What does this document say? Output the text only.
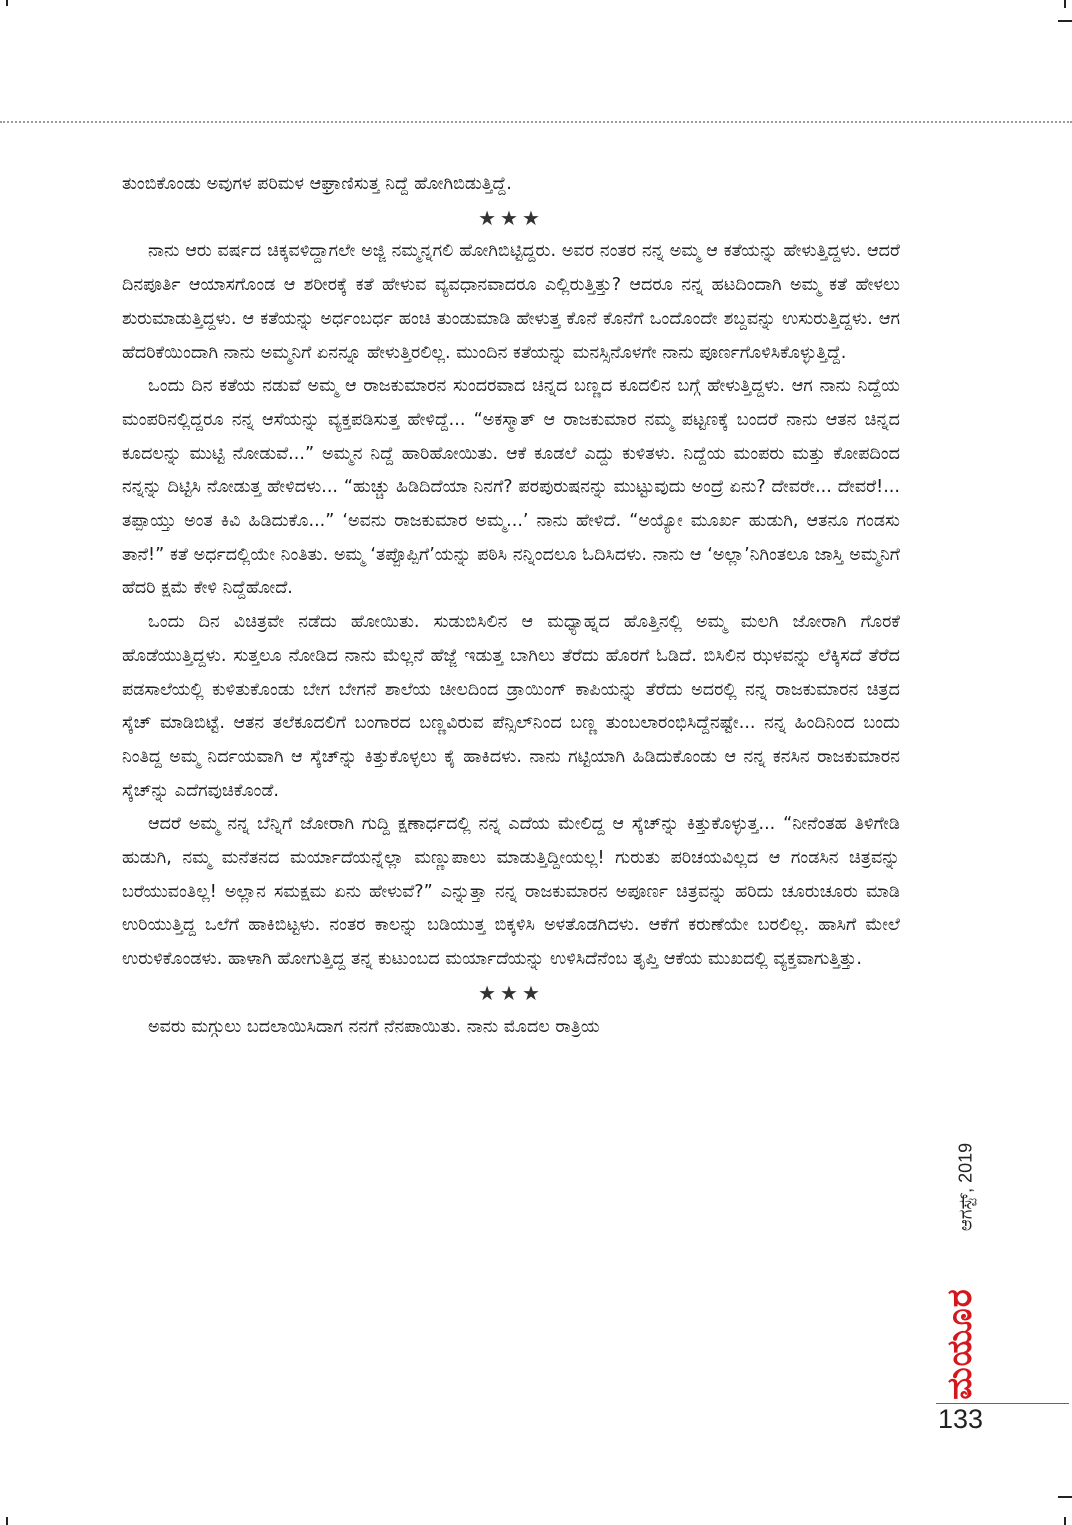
ತುಂಬಿಕೊಂಡು ಅವುಗಳ ಪರಿಮಳ ಆಘ್ರಾಣಿಸುತ್ತ ನಿದ್ದೆ ಹೋಗಿಬಿಡುತ್ತಿದ್ದೆ.

★★★

ನಾನು ಆರು ವರ್ಷದ ಚಿಕ್ಕವಳಿದ್ದಾಗಲೇ ಅಜ್ಜಿ ನಮ್ಮನ್ನಗಲಿ ಹೋಗಿಬಿಟ್ಟಿದ್ದರು. ಅವರ ನಂತರ ನನ್ನ ಅಮ್ಮ ಆ ಕತೆಯನ್ನು ಹೇಳುತ್ತಿದ್ದಳು. ಆದರೆ ದಿನಪೂರ್ತಿ ಆಯಾಸಗೊಂಡ ಆ ಶರೀರಕ್ಕೆ ಕತೆ ಹೇಳುವ ವ್ಯವಧಾನವಾದರೂ ಎಲ್ಲಿರುತ್ತಿತ್ತು? ಆದರೂ ನನ್ನ ಹಟದಿಂದಾಗಿ ಅಮ್ಮ ಕತೆ ಹೇಳಲು ಶುರುಮಾಡುತ್ತಿದ್ದಳು. ಆ ಕತೆಯನ್ನು ಅರ್ಧಂಬರ್ಧ ಹಂಚಿ ತುಂಡುಮಾಡಿ ಹೇಳುತ್ತ ಕೊನೆ ಕೊನೆಗೆ ಒಂದೊಂದೇ ಶಬ್ದವನ್ನು ಉಸುರುತ್ತಿದ್ದಳು. ಆಗ ಹೆದರಿಕೆಯಿಂದಾಗಿ ನಾನು ಅಮ್ಮನಿಗೆ ಏನನ್ನೂ ಹೇಳುತ್ತಿರಲಿಲ್ಲ. ಮುಂದಿನ ಕತೆಯನ್ನು ಮನಸ್ಸಿನೊಳಗೇ ನಾನು ಪೂರ್ಣಗೊಳಿಸಿಕೊಳ್ಳುತ್ತಿದ್ದೆ.

ಒಂದು ದಿನ ಕತೆಯ ನಡುವೆ ಅಮ್ಮ ಆ ರಾಜಕುಮಾರನ ಸುಂದರವಾದ ಚಿನ್ನದ ಬಣ್ಣದ ಕೂದಲಿನ ಬಗ್ಗೆ ಹೇಳುತ್ತಿದ್ದಳು. ಆಗ ನಾನು ನಿದ್ದೆಯ ಮಂಪರಿನಲ್ಲಿದ್ದರೂ ನನ್ನ ಆಸೆಯನ್ನು ವ್ಯಕ್ತಪಡಿಸುತ್ತ ಹೇಳಿದ್ದೆ... “ಅಕಸ್ಮಾತ್ ಆ ರಾಜಕುಮಾರ ನಮ್ಮ ಪಟ್ಟಣಕ್ಕೆ ಬಂದರೆ ನಾನು ಆತನ ಚಿನ್ನದ ಕೂದಲನ್ನು ಮುಟ್ಟಿ ನೋಡುವೆ...” ಅಮ್ಮನ ನಿದ್ದೆ ಹಾರಿಹೋಯಿತು. ಆಕೆ ಕೂಡಲೆ ಎದ್ದು ಕುಳಿತಳು. ನಿದ್ದೆಯ ಮಂಪರು ಮತ್ತು ಕೋಪದಿಂದ ನನ್ನನ್ನು ದಿಟ್ಟಿಸಿ ನೋಡುತ್ತ ಹೇಳಿದಳು... “ಹುಚ್ಚು ಹಿಡಿದಿದೆಯಾ ನಿನಗೆ? ಪರಪುರುಷನನ್ನು ಮುಟ್ಟುವುದು ಅಂದ್ರೆ ಏನು? ದೇವರೇ... ದೇವರೆ!... ತಪ್ಪಾಯ್ತು ಅಂತ ಕಿವಿ ಹಿಡಿದುಕೊ...” ‘ಅವನು ರಾಜಕುಮಾರ ಅಮ್ಮ...’ ನಾನು ಹೇಳಿದೆ. “ಅಯ್ಯೋ ಮೂರ್ಖ ಹುಡುಗಿ, ಆತನೂ ಗಂಡಸು ತಾನೆ!” ಕತೆ ಅರ್ಧದಲ್ಲಿಯೇ ನಿಂತಿತು. ಅಮ್ಮ ‘ತಪ್ಪೊಪ್ಪಿಗೆ’ಯನ್ನು ಪಠಿಸಿ ನನ್ನಿಂದಲೂ ಓದಿಸಿದಳು. ನಾನು ಆ ‘ಅಲ್ಲಾ’ನಿಗಿಂತಲೂ ಜಾಸ್ತಿ ಅಮ್ಮನಿಗೆ ಹೆದರಿ ಕ್ಷಮೆ ಕೇಳಿ ನಿದ್ದೆಹೋದೆ.

ಒಂದು ದಿನ ವಿಚಿತ್ರವೇ ನಡೆದು ಹೋಯಿತು. ಸುಡುಬಿಸಿಲಿನ ಆ ಮಧ್ಯಾಹ್ನದ ಹೊತ್ತಿನಲ್ಲಿ ಅಮ್ಮ ಮಲಗಿ ಜೋರಾಗಿ ಗೊರಕೆ ಹೊಡೆಯುತ್ತಿದ್ದಳು. ಸುತ್ತಲೂ ನೋಡಿದ ನಾನು ಮೆಲ್ಲನೆ ಹೆಜ್ಜೆ ಇಡುತ್ತ ಬಾಗಿಲು ತೆರೆದು ಹೊರಗೆ ಓಡಿದೆ. ಬಿಸಿಲಿನ ಝಳವನ್ನು ಲೆಕ್ಕಿಸದೆ ತೆರೆದ ಪಡಸಾಲೆಯಲ್ಲಿ ಕುಳಿತುಕೊಂಡು ಬೇಗ ಬೇಗನೆ ಶಾಲೆಯ ಚೀಲದಿಂದ ಡ್ರಾಯಿಂಗ್ ಕಾಪಿಯನ್ನು ತೆರೆದು ಅದರಲ್ಲಿ ನನ್ನ ರಾಜಕುಮಾರನ ಚಿತ್ರದ ಸ್ಕೆಚ್ ಮಾಡಿಬಿಟ್ಟೆ. ಆತನ ತಲೆಕೂದಲಿಗೆ ಬಂಗಾರದ ಬಣ್ಣವಿರುವ ಪೆನ್ಸಿಲ್‌ನಿಂದ ಬಣ್ಣ ತುಂಬಲಾರಂಭಿಸಿದ್ದೆನಷ್ಟೇ... ನನ್ನ ಹಿಂದಿನಿಂದ ಬಂದು ನಿಂತಿದ್ದ ಅಮ್ಮ ನಿರ್ದಯವಾಗಿ ಆ ಸ್ಕೆಚ್‌ನ್ನು ಕಿತ್ತುಕೊಳ್ಳಲು ಕೈ ಹಾಕಿದಳು. ನಾನು ಗಟ್ಟಿಯಾಗಿ ಹಿಡಿದುಕೊಂಡು ಆ ನನ್ನ ಕನಸಿನ ರಾಜಕುಮಾರನ ಸ್ಕೆಚ್‌ನ್ನು ಎದೆಗವುಚಿಕೊಂಡೆ.

ಆದರೆ ಅಮ್ಮ ನನ್ನ ಬೆನ್ನಿಗೆ ಜೋರಾಗಿ ಗುದ್ದಿ ಕ್ಷಣಾರ್ಧದಲ್ಲಿ ನನ್ನ ಎದೆಯ ಮೇಲಿದ್ದ ಆ ಸ್ಕೆಚ್‌ನ್ನು ಕಿತ್ತುಕೊಳ್ಳುತ್ತ... “ನೀನೆಂತಹ ತಿಳಿಗೇಡಿ ಹುಡುಗಿ, ನಮ್ಮ ಮನೆತನದ ಮರ್ಯಾದೆಯನ್ನೆಲ್ಲಾ ಮಣ್ಣುಪಾಲು ಮಾಡುತ್ತಿದ್ದೀಯಲ್ಲ! ಗುರುತು ಪರಿಚಯವಿಲ್ಲದ ಆ ಗಂಡಸಿನ ಚಿತ್ರವನ್ನು ಬರೆಯುವಂತಿಲ್ಲ! ಅಲ್ಲಾನ ಸಮಕ್ಷಮ ಏನು ಹೇಳುವೆ?” ಎನ್ನುತ್ತಾ ನನ್ನ ರಾಜಕುಮಾರನ ಅಪೂರ್ಣ ಚಿತ್ರವನ್ನು ಹರಿದು ಚೂರುಚೂರು ಮಾಡಿ ಉರಿಯುತ್ತಿದ್ದ ಒಲೆಗೆ ಹಾಕಿಬಿಟ್ಟಳು. ನಂತರ ಕಾಲನ್ನು ಬಡಿಯುತ್ತ ಬಿಕ್ಕಳಿಸಿ ಅಳತೊಡಗಿದಳು. ಆಕೆಗೆ ಕರುಣೆಯೇ ಬರಲಿಲ್ಲ. ಹಾಸಿಗೆ ಮೇಲೆ ಉರುಳಿಕೊಂಡಳು. ಹಾಳಾಗಿ ಹೋಗುತ್ತಿದ್ದ ತನ್ನ ಕುಟುಂಬದ ಮರ್ಯಾದೆಯನ್ನು ಉಳಿಸಿದೆನೆಂಬ ತೃಪ್ತಿ ಆಕೆಯ ಮುಖದಲ್ಲಿ ವ್ಯಕ್ತವಾಗುತ್ತಿತ್ತು.

★★★

ಅವರು ಮಗ್ಗುಲು ಬದಲಾಯಿಸಿದಾಗ ನನಗೆ ನೆನಪಾಯಿತು. ನಾನು ಮೊದಲ ರಾತ್ರಿಯ

ಆಗಸ್ಟ್, 2019
ಮಯೂರ
133
